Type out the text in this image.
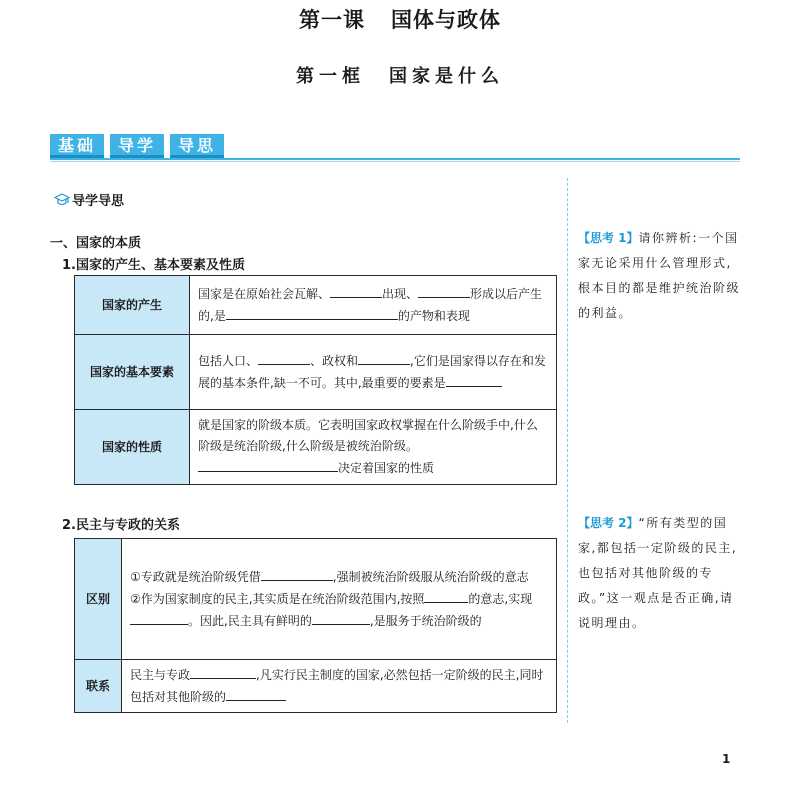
第一课 国体与政体
第一框 国家是什么
基础	导学	导思
导学导思
一、国家的本质
1.国家的产生、基本要素及性质
国家的产生	国家是在原始社会瓦解、 出现、 形成以后产生的,是 的产物和表现
国家的基本要素	包括人口、 、政权和 ,它们是国家得以存在和发展的基本条件,缺一不可。其中,最重要的要素是
国家的性质	就是国家的阶级本质。它表明国家政权掌握在什么阶级手中,什么阶级是统治阶级,什么阶级是被统治阶级。决定着国家的性质
2.民主与专政的关系
区别	①专政就是统治阶级凭借 ,强制被统治阶级服从统治阶级的意志
②作为国家制度的民主,其实质是在统治阶级范围内,按照 的意志,实现。因此,民主具有鲜明的 ,是服务于统治阶级的
联系	民主与专政 ,凡实行民主制度的国家,必然包括一定阶级的民主,同时包括对其他阶级的
【思考 1】请你辨析:一个国家无论采用什么管理形式,根本目的都是维护统治阶级的利益。
【思考 2】“所有类型的国家,都包括一定阶级的民主,也包括对其他阶级的专政。”这一观点是否正确,请说明理由。
1
